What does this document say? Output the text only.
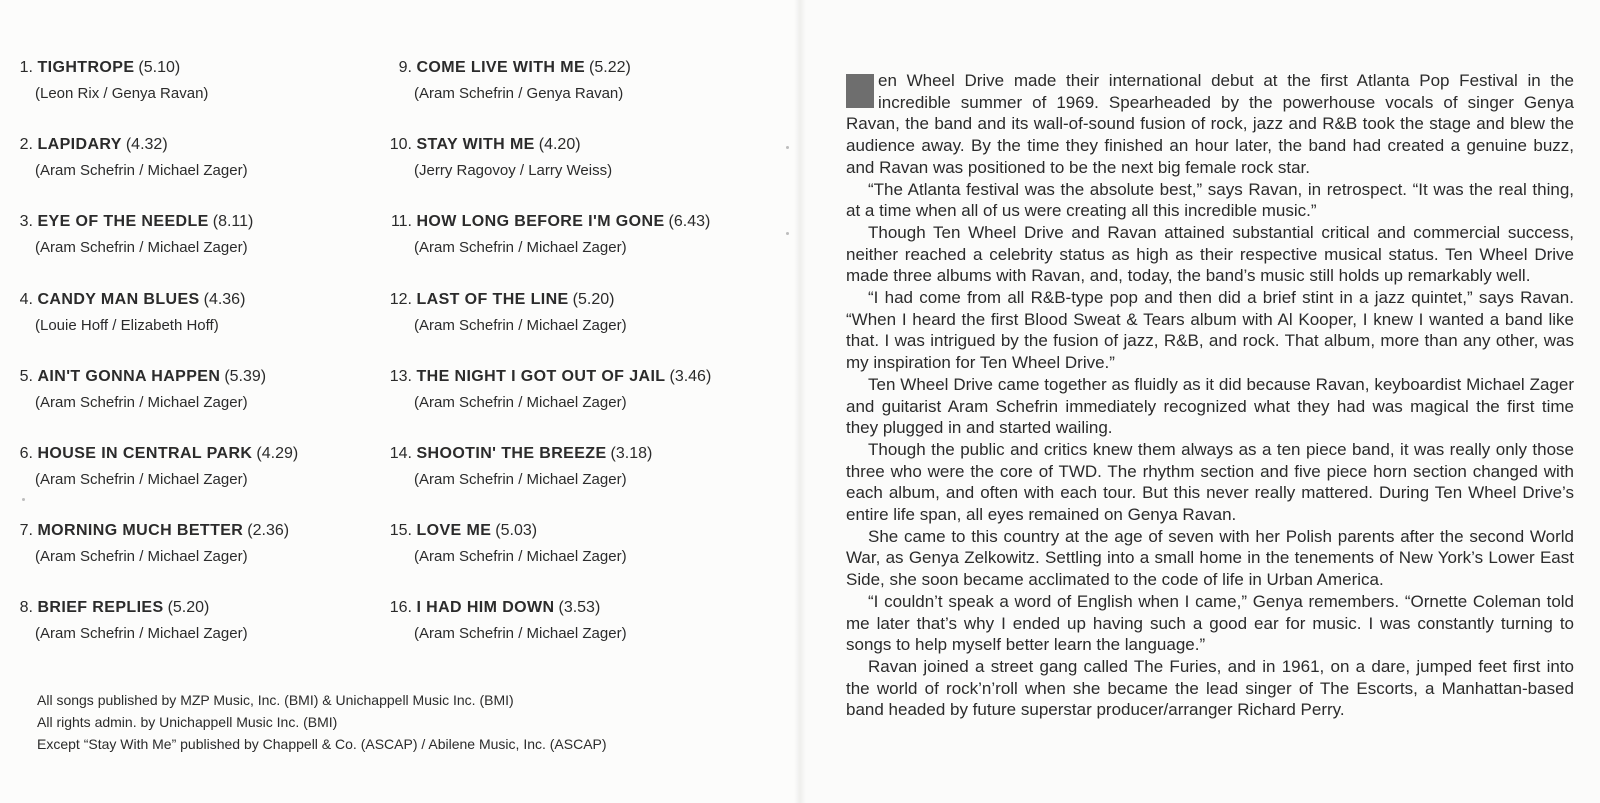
1. TIGHTROPE (5.10)
(Leon Rix / Genya Ravan)
2. LAPIDARY (4.32)
(Aram Schefrin / Michael Zager)
3. EYE OF THE NEEDLE (8.11)
(Aram Schefrin / Michael Zager)
4. CANDY MAN BLUES (4.36)
(Louie Hoff / Elizabeth Hoff)
5. AIN'T GONNA HAPPEN (5.39)
(Aram Schefrin / Michael Zager)
6. HOUSE IN CENTRAL PARK (4.29)
(Aram Schefrin / Michael Zager)
7. MORNING MUCH BETTER (2.36)
(Aram Schefrin / Michael Zager)
8. BRIEF REPLIES (5.20)
(Aram Schefrin / Michael Zager)
9. COME LIVE WITH ME (5.22)
(Aram Schefrin / Genya Ravan)
10. STAY WITH ME (4.20)
(Jerry Ragovoy / Larry Weiss)
11. HOW LONG BEFORE I'M GONE (6.43)
(Aram Schefrin / Michael Zager)
12. LAST OF THE LINE (5.20)
(Aram Schefrin / Michael Zager)
13. THE NIGHT I GOT OUT OF JAIL (3.46)
(Aram Schefrin / Michael Zager)
14. SHOOTIN' THE BREEZE (3.18)
(Aram Schefrin / Michael Zager)
15. LOVE ME (5.03)
(Aram Schefrin / Michael Zager)
16. I HAD HIM DOWN (3.53)
(Aram Schefrin / Michael Zager)
All songs published by MZP Music, Inc. (BMI) & Unichappell Music Inc. (BMI)
All rights admin. by Unichappell Music Inc. (BMI)
Except “Stay With Me” published by Chappell & Co. (ASCAP) / Abilene Music, Inc. (ASCAP)

en Wheel Drive made their international debut at the first Atlanta Pop Festival in the incredible summer of 1969. Spearheaded by the powerhouse vocals of singer Genya Ravan, the band and its wall-of-sound fusion of rock, jazz and R&B took the stage and blew the audience away. By the time they finished an hour later, the band had created a genuine buzz, and Ravan was positioned to be the next big female rock star.

“The Atlanta festival was the absolute best,” says Ravan, in retrospect. “It was the real thing, at a time when all of us were creating all this incredible music.”

Though Ten Wheel Drive and Ravan attained substantial critical and commercial success, neither reached a celebrity status as high as their respective musical status. Ten Wheel Drive made three albums with Ravan, and, today, the band’s music still holds up remarkably well.

“I had come from all R&B-type pop and then did a brief stint in a jazz quintet,” says Ravan. “When I heard the first Blood Sweat & Tears album with Al Kooper, I knew I wanted a band like that. I was intrigued by the fusion of jazz, R&B, and rock. That album, more than any other, was my inspiration for Ten Wheel Drive.”

Ten Wheel Drive came together as fluidly as it did because Ravan, keyboardist Michael Zager and guitarist Aram Schefrin immediately recognized what they had was magical the first time they plugged in and started wailing.

Though the public and critics knew them always as a ten piece band, it was really only those three who were the core of TWD. The rhythm section and five piece horn section changed with each album, and often with each tour. But this never really mattered. During Ten Wheel Drive’s entire life span, all eyes remained on Genya Ravan.

She came to this country at the age of seven with her Polish parents after the second World War, as Genya Zelkowitz. Settling into a small home in the tenements of New York’s Lower East Side, she soon became acclimated to the code of life in Urban America.

“I couldn’t speak a word of English when I came,” Genya remembers. “Ornette Coleman told me later that’s why I ended up having such a good ear for music. I was constantly turning to songs to help myself better learn the language.”

Ravan joined a street gang called The Furies, and in 1961, on a dare, jumped feet first into the world of rock’n’roll when she became the lead singer of The Escorts, a Manhattan-based band headed by future superstar producer/arranger Richard Perry.
